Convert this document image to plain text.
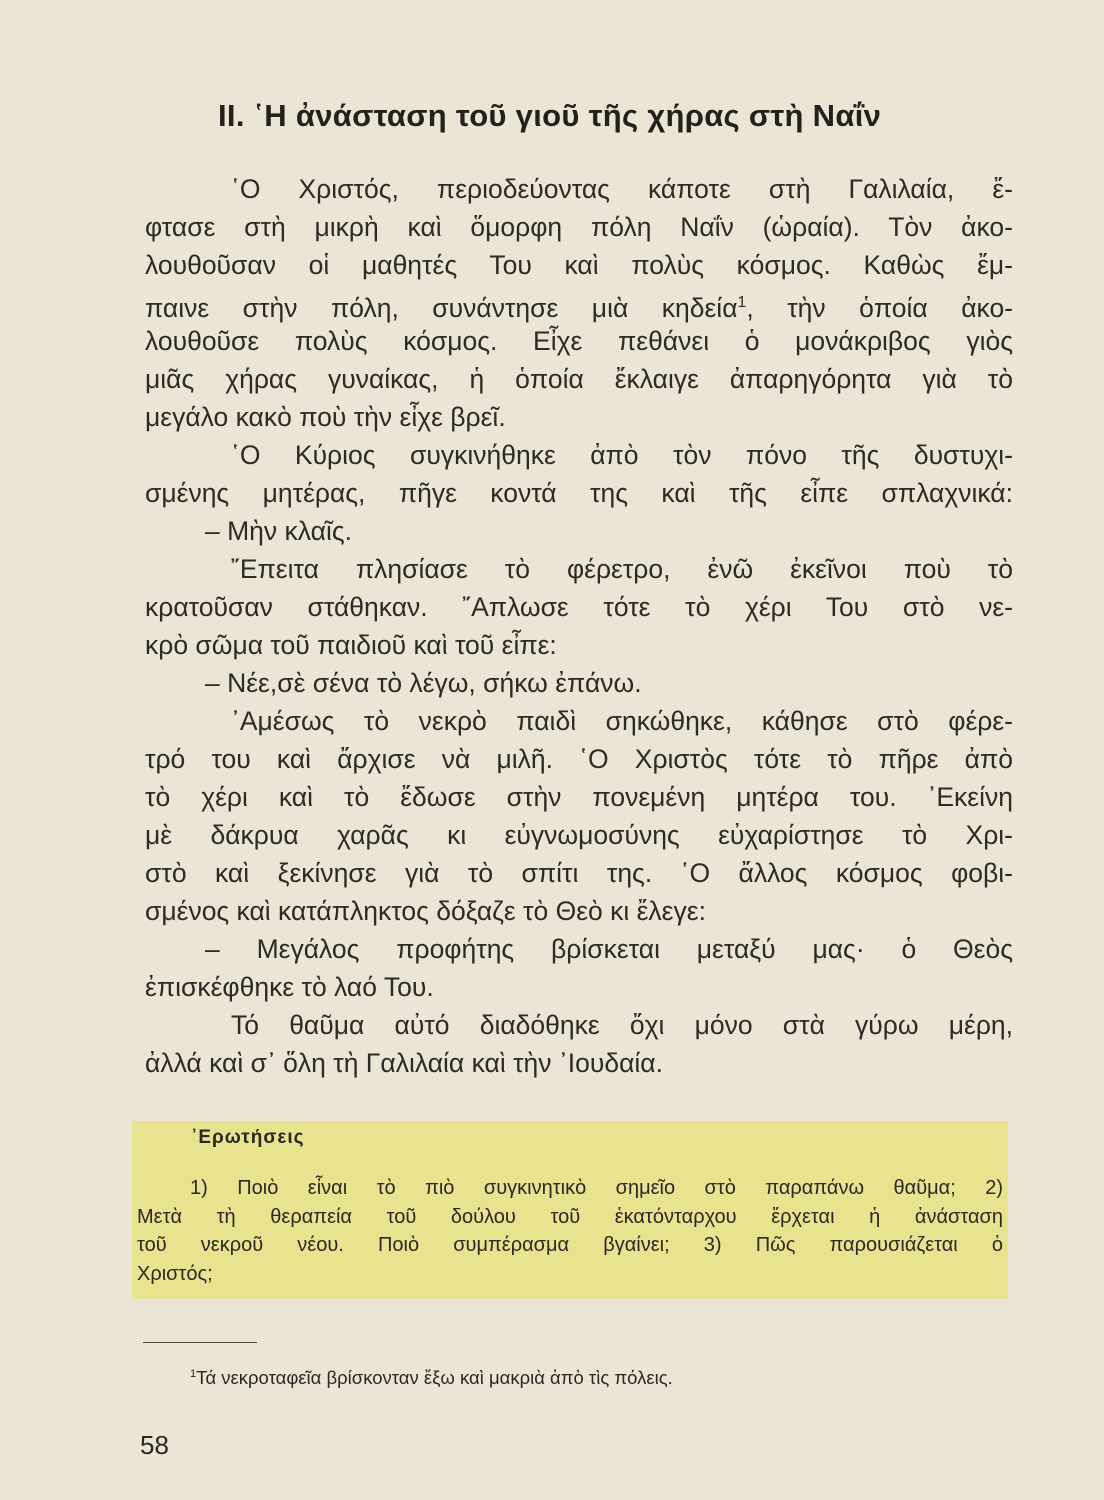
II. ῾Η ἀνάσταση τοῦ γιοῦ τῆς χήρας στὴ Ναΐν
῾Ο Χριστός, περιοδεύοντας κάποτε στὴ Γαλιλαία, ἔ-
φτασε στὴ μικρὴ καὶ ὅμορφη πόλη Ναΐν (ὡραία). Τὸν ἀκο-
λουθοῦσαν οἱ μαθητές Του καὶ πολὺς κόσμος. Καθὼς ἔμ-
παινε στὴν πόλη, συνάντησε μιὰ κηδεία$^1$, τὴν ὁποία ἀκο-
λουθοῦσε πολὺς κόσμος. Εἶχε πεθάνει ὁ μονάκριβος γιὸς
μιᾶς χήρας γυναίκας, ἡ ὁποία ἔκλαιγε ἀπαρηγόρητα γιὰ τὸ
μεγάλο κακὸ ποὺ τὴν εἶχε βρεῖ.
῾Ο Κύριος συγκινήθηκε ἀπὸ τὸν πόνο τῆς δυστυχι-
σμένης μητέρας, πῆγε κοντά της καὶ τῆς εἶπε σπλαχνικά:
– Μὴν κλαῖς.
῎Επειτα πλησίασε τὸ φέρετρο, ἐνῶ ἐκεῖνοι ποὺ τὸ
κρατοῦσαν στάθηκαν. ῎Απλωσε τότε τὸ χέρι Του στὸ νε-
κρὸ σῶμα τοῦ παιδιοῦ καὶ τοῦ εἶπε:
– Νέε,σὲ σένα τὸ λέγω, σήκω ἐπάνω.
᾿Αμέσως τὸ νεκρὸ παιδὶ σηκώθηκε, κάθησε στὸ φέρε-
τρό του καὶ ἄρχισε νὰ μιλῆ. ῾Ο Χριστὸς τότε τὸ πῆρε ἀπὸ
τὸ χέρι καὶ τὸ ἔδωσε στὴν πονεμένη μητέρα του. ᾿Εκείνη
μὲ δάκρυα χαρᾶς κι εὐγνωμοσύνης εὐχαρίστησε τὸ Χρι-
στὸ καὶ ξεκίνησε γιὰ τὸ σπίτι της. ῾Ο ἄλλος κόσμος φοβι-
σμένος καὶ κατάπληκτος δόξαζε τὸ Θεὸ κι ἔλεγε:
– Μεγάλος προφήτης βρίσκεται μεταξύ μας· ὁ Θεὸς
ἐπισκέφθηκε τὸ λαό Του.
Τό θαῦμα αὐτό διαδόθηκε ὄχι μόνο στὰ γύρω μέρη,
ἀλλά καὶ σ᾿ ὅλη τὴ Γαλιλαία καὶ τὴν ᾿Ιουδαία.
᾿Ερωτήσεις
1) Ποιὸ εἶναι τὸ πιὸ συγκινητικὸ σημεῖο στὸ παραπάνω θαῦμα; 2)
Μετὰ τὴ θεραπεία τοῦ δούλου τοῦ ἑκατόνταρχου ἔρχεται ἡ ἀνάσταση
τοῦ νεκροῦ νέου. Ποιὸ συμπέρασμα βγαίνει; 3) Πῶς παρουσιάζεται ὁ
Χριστός;
$^1$Τά νεκροταφεῖα βρίσκονταν ἔξω καὶ μακριὰ ἀπὸ τὶς πόλεις.
58
